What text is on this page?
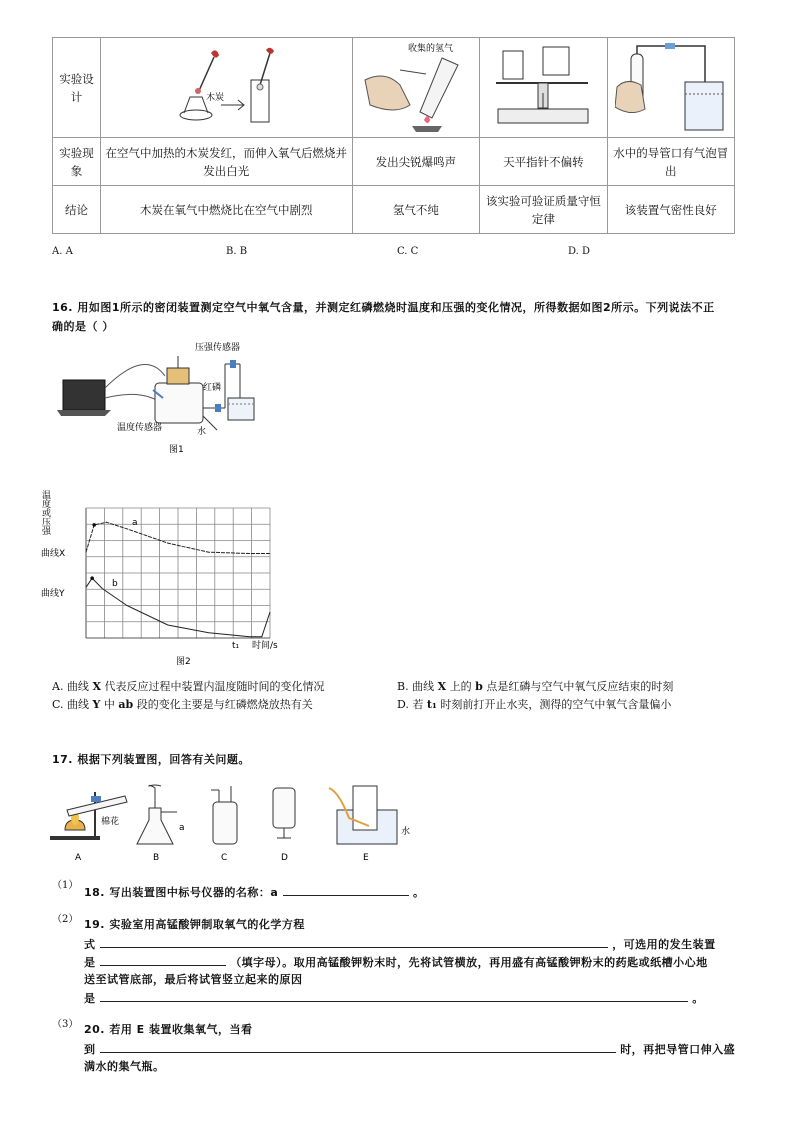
实验设计	木炭	收集的氢气

实验现象	在空气中加热的木炭发红，而伸入氧气后燃烧并发出白光	发出尖锐爆鸣声	天平指针不偏转	水中的导管口有气泡冒出
结论	木炭在氧气中燃烧比在空气中剧烈	氢气不纯	该实验可验证质量守恒定律	该装置气密性良好
A. A	B. B	C. C	D. D
16. 用如图1所示的密闭装置测定空气中氧气含量，并测定红磷燃烧时温度和压强的变化情况，所得数据如图2所示。下列说法不正
确的是（ ）
压强传感器
红磷
温度传感器	水
图1
温度或压强
曲线X
曲线Y
a
b
t₁ 时间/s
图2
A. 曲线 X 代表反应过程中装置内温度随时间的变化情况	B. 曲线 X 上的 b 点是红磷与空气中氧气反应结束的时刻
C. 曲线 Y 中 ab 段的变化主要是与红磷燃烧放热有关	D. 若 t₁ 时刻前打开止水夹，测得的空气中氧气含量偏小
17. 根据下列装置图，回答有关问题。
棉花
A
a
B	C	D
水
E
（1）
18. 写出装置图中标号仪器的名称：a	。
（2） 19. 实验室用高锰酸钾制取氧气的化学方程
式	，可选用的发生装置
是	（填字母）。取用高锰酸钾粉末时，先将试管横放，再用盛有高锰酸钾粉末的药匙或纸槽小心地
送至试管底部，最后将试管竖立起来的原因
是	。
（3） 20. 若用 E 装置收集氧气，当看
到	时，再把导管口伸入盛
满水的集气瓶。
